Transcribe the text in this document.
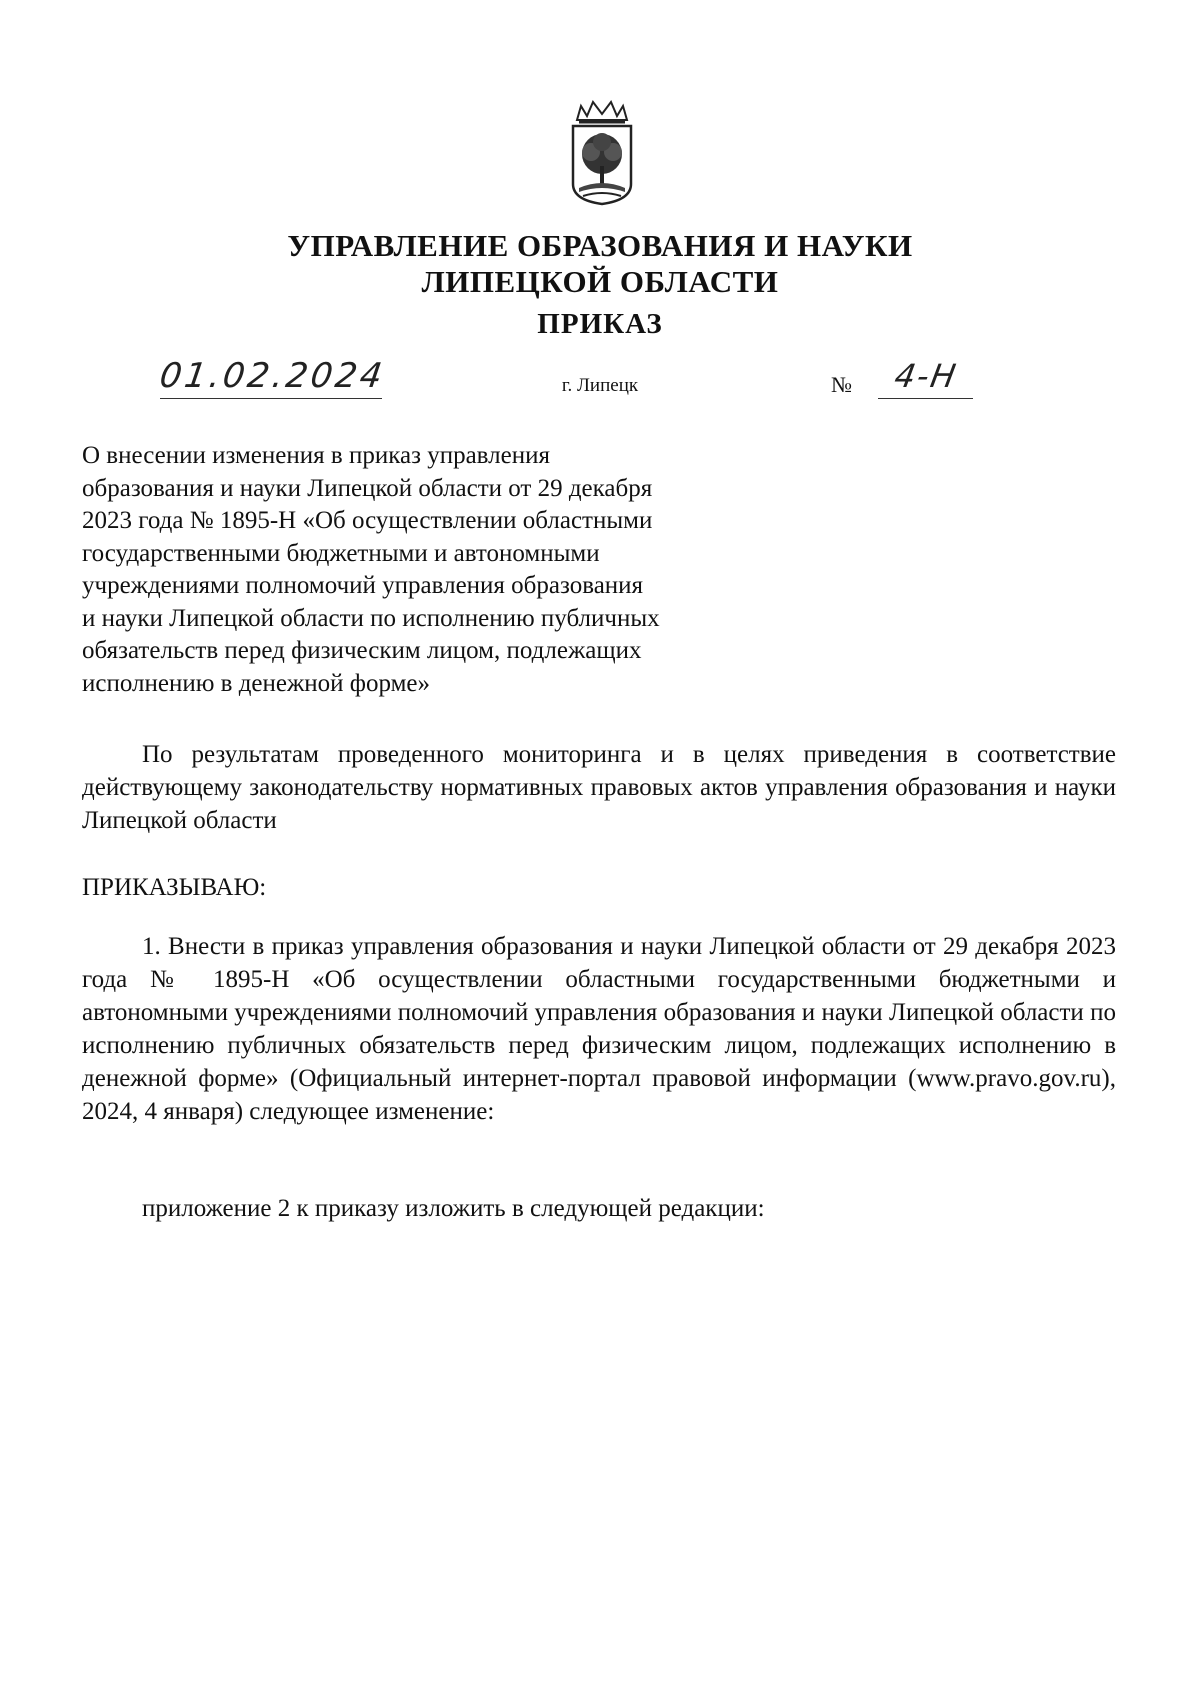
УПРАВЛЕНИЕ ОБРАЗОВАНИЯ И НАУКИ
ЛИПЕЦКОЙ ОБЛАСТИ
ПРИКАЗ
01.02.2024	г. Липецк	№	4-Н
О внесении изменения в приказ управления
образования и науки Липецкой области от 29 декабря
2023 года № 1895-Н «Об осуществлении областными
государственными бюджетными и автономными
учреждениями полномочий управления образования
и науки Липецкой области по исполнению публичных
обязательств перед физическим лицом, подлежащих
исполнению в денежной форме»
По результатам проведенного мониторинга и в целях приведения в соответствие действующему законодательству нормативных правовых актов управления образования и науки Липецкой области
ПРИКАЗЫВАЮ:
1. Внести в приказ управления образования и науки Липецкой области от 29 декабря 2023 года № 1895-Н «Об осуществлении областными государственными бюджетными и автономными учреждениями полномочий управления образования и науки Липецкой области по исполнению публичных обязательств перед физическим лицом, подлежащих исполнению в денежной форме» (Официальный интернет-портал правовой информации (www.pravo.gov.ru), 2024, 4 января) следующее изменение:
приложение 2 к приказу изложить в следующей редакции:
